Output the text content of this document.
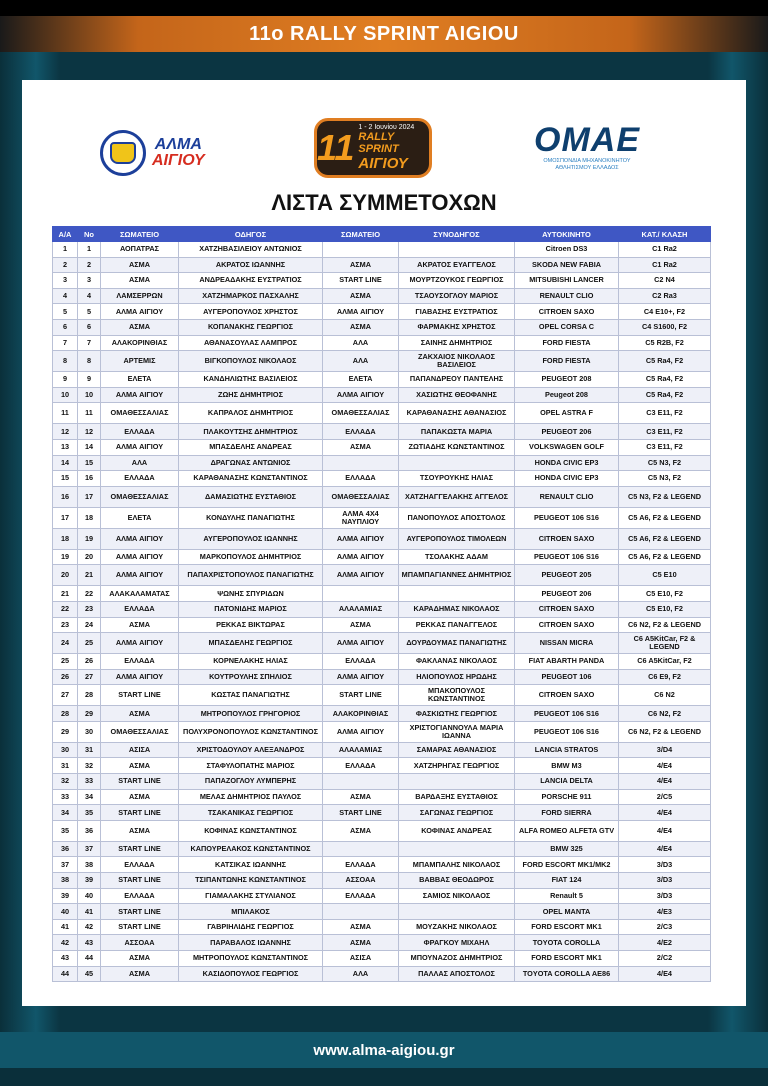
11o RALLY SPRINT AIGIOU
ΑΛΜΑ
ΑΙΓΙΟΥ	11 1 - 2 Ιουνίου 2024
RALLY SPRINT
ΑΙΓΙΟΥ
OMAE
ΟΜΟΣΠΟΝΔΙΑ ΜΗΧΑΝΟΚΙΝΗΤΟΥ ΑΘΛΗΤΙΣΜΟΥ ΕΛΛΑΔΟΣ
ΛΙΣΤΑ ΣΥΜΜΕΤΟΧΩΝ
Α/Α	Νο	ΣΩΜΑΤΕΙΟ	ΟΔΗΓΟΣ	ΣΩΜΑΤΕΙΟ	ΣΥΝΟΔΗΓΟΣ	ΑΥΤΟΚΙΝΗΤΟ	ΚΑΤ./ ΚΛΑΣΗ
1	1	ΑΟΠΑΤΡΑΣ	ΧΑΤΖΗΒΑΣΙΛΕΙΟΥ ΑΝΤΩΝΙΟΣ			Citroen DS3	C1 Ra2
2	2	ΑΣΜΑ	ΑΚΡΑΤΟΣ ΙΩΑΝΝΗΣ	ΑΣΜΑ	ΑΚΡΑΤΟΣ ΕΥΑΓΓΕΛΟΣ	SKODA NEW FABIA	C1 Ra2
3	3	ΑΣΜΑ	ΑΝΔΡΕΑΔΑΚΗΣ ΕΥΣΤΡΑΤΙΟΣ	START LINE	ΜΟΥΡΤΖΟΥΚΟΣ ΓΕΩΡΓΙΟΣ	MITSUBISHI LANCER	C2 N4
4	4	ΛΑΜΣΕΡΡΩΝ	ΧΑΤΖΗΜΑΡΚΟΣ ΠΑΣΧΑΛΗΣ	ΑΣΜΑ	ΤΣΑΟΥΣΟΓΛΟΥ ΜΑΡΙΟΣ	RENAULT CLIO	C2 Ra3
5	5	ΑΛΜΑ ΑΙΓΙΟΥ	ΑΥΓΕΡΟΠΟΥΛΟΣ ΧΡΗΣΤΟΣ	ΑΛΜΑ ΑΙΓΙΟΥ	ΓΙΑΒΑΣΗΣ ΕΥΣΤΡΑΤΙΟΣ	CITROEN SAXO	C4 E10+, F2
6	6	ΑΣΜΑ	ΚΟΠΑΝΑΚΗΣ ΓΕΩΡΓΙΟΣ	ΑΣΜΑ	ΦΑΡΜΑΚΗΣ ΧΡΗΣΤΟΣ	OPEL CORSA C	C4 S1600, F2
7	7	ΑΛΑΚΟΡΙΝΘΙΑΣ	ΑΘΑΝΑΣΟΥΛΑΣ ΛΑΜΠΡΟΣ	ΑΛΑ	ΣΑΙΝΗΣ ΔΗΜΗΤΡΙΟΣ	FORD FIESTA	C5 R2B, F2
8	8	ΑΡΤΕΜΙΣ	ΒΙΓΚΟΠΟΥΛΟΣ ΝΙΚΟΛΑΟΣ	ΑΛΑ	ΖΑΚΧΑΙΟΣ ΝΙΚΟΛΑΟΣ ΒΑΣΙΛΕΙΟΣ	FORD FIESTA	C5 Ra4, F2
9	9	ΕΛΕΤΑ	ΚΑΝΔΗΛΙΩΤΗΣ ΒΑΣΙΛΕΙΟΣ	ΕΛΕΤΑ	ΠΑΠΑΝΔΡΕΟΥ ΠΑΝΤΕΛΗΣ	PEUGEOT 208	C5 Ra4, F2
10	10	ΑΛΜΑ ΑΙΓΙΟΥ	ΖΩΗΣ ΔΗΜΗΤΡΙΟΣ	ΑΛΜΑ ΑΙΓΙΟΥ	ΧΑΣΙΩΤΗΣ ΘΕΟΦΑΝΗΣ	Peugeot 208	C5 Ra4, F2
11	11	ΟΜΑΘΕΣΣΑΛΙΑΣ	ΚΑΠΡΑΛΟΣ ΔΗΜΗΤΡΙΟΣ	ΟΜΑΘΕΣΣΑΛΙΑΣ	ΚΑΡΑΘΑΝΑΣΗΣ ΑΘΑΝΑΣΙΟΣ	OPEL ASTRA F	C3 E11, F2
12	12	ΕΛΛΑΔΑ	ΠΛΑΚΟΥΤΣΗΣ ΔΗΜΗΤΡΙΟΣ	ΕΛΛΑΔΑ	ΠΑΠΑΚΩΣΤΑ ΜΑΡΙΑ	PEUGEOT 206	C3 E11, F2
13	14	ΑΛΜΑ ΑΙΓΙΟΥ	ΜΠΑΣΔΕΛΗΣ ΑΝΔΡΕΑΣ	ΑΣΜΑ	ΖΩΤΙΑΔΗΣ ΚΩΝΣΤΑΝΤΙΝΟΣ	VOLKSWAGEN GOLF	C3 E11, F2
14	15	ΑΛΑ	ΔΡΑΓΩΝΑΣ ΑΝΤΩΝΙΟΣ			HONDA CIVIC EP3	C5 N3, F2
15	16	ΕΛΛΑΔΑ	ΚΑΡΑΘΑΝΑΣΗΣ ΚΩΝΣΤΑΝΤΙΝΟΣ	ΕΛΛΑΔΑ	ΤΣΟΥΡΟΥΚΗΣ ΗΛΙΑΣ	HONDA CIVIC EP3	C5 N3, F2
16	17	ΟΜΑΘΕΣΣΑΛΙΑΣ	ΔΑΜΑΣΙΩΤΗΣ ΕΥΣΤΑΘΙΟΣ	ΟΜΑΘΕΣΣΑΛΙΑΣ	ΧΑΤΖΗΑΓΓΕΛΑΚΗΣ ΑΓΓΕΛΟΣ	RENAULT CLIO	C5 N3, F2 & LEGEND
17	18	ΕΛΕΤΑ	ΚΟΝΔΥΛΗΣ ΠΑΝΑΓΙΩΤΗΣ	ΑΛΜΑ 4X4 ΝΑΥΠΛΙΟΥ	ΠΑΝΟΠΟΥΛΟΣ ΑΠΟΣΤΟΛΟΣ	PEUGEOT 106 S16	C5 A6, F2 & LEGEND
18	19	ΑΛΜΑ ΑΙΓΙΟΥ	ΑΥΓΕΡΟΠΟΥΛΟΣ ΙΩΑΝΝΗΣ	ΑΛΜΑ ΑΙΓΙΟΥ	ΑΥΓΕΡΟΠΟΥΛΟΣ ΤΙΜΟΛΕΩΝ	CITROEN SAXO	C5 A6, F2 & LEGEND
19	20	ΑΛΜΑ ΑΙΓΙΟΥ	ΜΑΡΚΟΠΟΥΛΟΣ ΔΗΜΗΤΡΙΟΣ	ΑΛΜΑ ΑΙΓΙΟΥ	ΤΣΟΛΑΚΗΣ ΑΔΑΜ	PEUGEOT 106 S16	C5 A6, F2 & LEGEND
20	21	ΑΛΜΑ ΑΙΓΙΟΥ	ΠΑΠΑΧΡΙΣΤΟΠΟΥΛΟΣ ΠΑΝΑΓΙΩΤΗΣ	ΑΛΜΑ ΑΙΓΙΟΥ	ΜΠΑΜΠΑΓΙΑΝΝΕΣ ΔΗΜΗΤΡΙΟΣ	PEUGEOT 205	C5 E10
21	22	ΑΛΑΚΑΛΑΜΑΤΑΣ	ΨΩΝΗΣ ΣΠΥΡΙΔΩΝ			PEUGEOT 206	C5 E10, F2
22	23	ΕΛΛΑΔΑ	ΠΑΤΟΝΙΔΗΣ ΜΑΡΙΟΣ	ΑΛΑΛΑΜΙΑΣ	ΚΑΡΑΔΗΜΑΣ ΝΙΚΟΛΑΟΣ	CITROEN SAXO	C5 E10, F2
23	24	ΑΣΜΑ	ΡΕΚΚΑΣ ΒΙΚΤΩΡΑΣ	ΑΣΜΑ	ΡΕΚΚΑΣ ΠΑΝΑΓΓΕΛΟΣ	CITROEN SAXO	C6 N2, F2 & LEGEND
24	25	ΑΛΜΑ ΑΙΓΙΟΥ	ΜΠΑΣΔΕΛΗΣ ΓΕΩΡΓΙΟΣ	ΑΛΜΑ ΑΙΓΙΟΥ	ΔΟΥΡΔΟΥΜΑΣ ΠΑΝΑΓΙΩΤΗΣ	NISSAN MICRA	C6 A5KitCar, F2 & LEGEND
25	26	ΕΛΛΑΔΑ	ΚΟΡΝΕΛΑΚΗΣ ΗΛΙΑΣ	ΕΛΛΑΔΑ	ΦΑΚΛΑΝΑΣ ΝΙΚΟΛΑΟΣ	FIAT ABARTH PANDA	C6 A5KitCar, F2
26	27	ΑΛΜΑ ΑΙΓΙΟΥ	ΚΟΥΤΡΟΥΛΗΣ ΣΠΗΛΙΟΣ	ΑΛΜΑ ΑΙΓΙΟΥ	ΗΛΙΟΠΟΥΛΟΣ ΗΡΩΔΗΣ	PEUGEOT 106	C6 E9, F2
27	28	START LINE	ΚΩΣΤΑΣ ΠΑΝΑΓΙΩΤΗΣ	START LINE	ΜΠΑΚΟΠΟΥΛΟΣ ΚΩΝΣΤΑΝΤΙΝΟΣ	CITROEN SAXO	C6 N2
28	29	ΑΣΜΑ	ΜΗΤΡΟΠΟΥΛΟΣ ΓΡΗΓΟΡΙΟΣ	ΑΛΑΚΟΡΙΝΘΙΑΣ	ΦΑΣΚΙΩΤΗΣ ΓΕΩΡΓΙΟΣ	PEUGEOT 106 S16	C6 N2, F2
29	30	ΟΜΑΘΕΣΣΑΛΙΑΣ	ΠΟΛΥΧΡΟΝΟΠΟΥΛΟΣ ΚΩΝΣΤΑΝΤΙΝΟΣ	ΑΛΜΑ ΑΙΓΙΟΥ	ΧΡΙΣΤΟΓΙΑΝΝΟΥΛΑ ΜΑΡΙΑ ΙΩΑΝΝΑ	PEUGEOT 106 S16	C6 N2, F2 & LEGEND
30	31	ΑΣΙΣΑ	ΧΡΙΣΤΟΔΟΥΛΟΥ ΑΛΕΞΑΝΔΡΟΣ	ΑΛΑΛΑΜΙΑΣ	ΣΑΜΑΡΑΣ ΑΘΑΝΑΣΙΟΣ	LANCIA STRATOS	3/D4
31	32	ΑΣΜΑ	ΣΤΑΦΥΛΟΠΑΤΗΣ ΜΑΡΙΟΣ	ΕΛΛΑΔΑ	ΧΑΤΖΗΡΗΓΑΣ ΓΕΩΡΓΙΟΣ	BMW M3	4/E4
32	33	START LINE	ΠΑΠΑΖΟΓΛΟΥ ΛΥΜΠΕΡΗΣ			LANCIA DELTA	4/E4
33	34	ΑΣΜΑ	ΜΕΛΑΣ ΔΗΜΗΤΡΙΟΣ ΠΑΥΛΟΣ	ΑΣΜΑ	ΒΑΡΔΑΞΗΣ ΕΥΣΤΑΘΙΟΣ	PORSCHE 911	2/C5
34	35	START LINE	ΤΣΑΚΑΝΙΚΑΣ ΓΕΩΡΓΙΟΣ	START LINE	ΣΑΓΩΝΑΣ ΓΕΩΡΓΙΟΣ	FORD SIERRA	4/E4
35	36	ΑΣΜΑ	ΚΟΦΙΝΑΣ ΚΩΝΣΤΑΝΤΙΝΟΣ	ΑΣΜΑ	ΚΟΦΙΝΑΣ ΑΝΔΡΕΑΣ	ALFA ROMEO ALFETA GTV	4/E4
36	37	START LINE	ΚΑΠΟΥΡΕΛΑΚΟΣ ΚΩΝΣΤΑΝΤΙΝΟΣ			BMW 325	4/E4
37	38	ΕΛΛΑΔΑ	ΚΑΤΣΙΚΑΣ ΙΩΑΝΝΗΣ	ΕΛΛΑΔΑ	ΜΠΑΜΠΑΛΗΣ ΝΙΚΟΛΑΟΣ	FORD ESCORT MK1/MK2	3/D3
38	39	START LINE	ΤΣΙΠΑΝΤΩΝΗΣ ΚΩΝΣΤΑΝΤΙΝΟΣ	ΑΣΣΟΑΑ	ΒΑΒΒΑΣ ΘΕΟΔΩΡΟΣ	FIAT 124	3/D3
39	40	ΕΛΛΑΔΑ	ΓΙΑΜΑΛΑΚΗΣ ΣΤΥΛΙΑΝΟΣ	ΕΛΛΑΔΑ	ΣΑΜΙΟΣ ΝΙΚΟΛΑΟΣ	Renault 5	3/D3
40	41	START LINE	ΜΠΙΛΑΚΟΣ			OPEL MANTA	4/E3
41	42	START LINE	ΓΑΒΡΙΗΛΙΔΗΣ ΓΕΩΡΓΙΟΣ	ΑΣΜΑ	ΜΟΥΖΑΚΗΣ ΝΙΚΟΛΑΟΣ	FORD ESCORT MK1	2/C3
42	43	ΑΣΣΟΑΑ	ΠΑΡΑΒΑΛΟΣ ΙΩΑΝΝΗΣ	ΑΣΜΑ	ΦΡΑΓΚΟΥ ΜΙΧΑΗΛ	TOYOTA COROLLA	4/E2
43	44	ΑΣΜΑ	ΜΗΤΡΟΠΟΥΛΟΣ ΚΩΝΣΤΑΝΤΙΝΟΣ	ΑΣΙΣΑ	ΜΠΟΥΝΑΖΟΣ ΔΗΜΗΤΡΙΟΣ	FORD ESCORT MK1	2/C2
44	45	ΑΣΜΑ	ΚΑΣΙΔΟΠΟΥΛΟΣ ΓΕΩΡΓΙΟΣ	ΑΛΑ	ΠΑΛΛΑΣ ΑΠΟΣΤΟΛΟΣ	TOYOTA COROLLA AE86	4/E4
www.alma-aigiou.gr
